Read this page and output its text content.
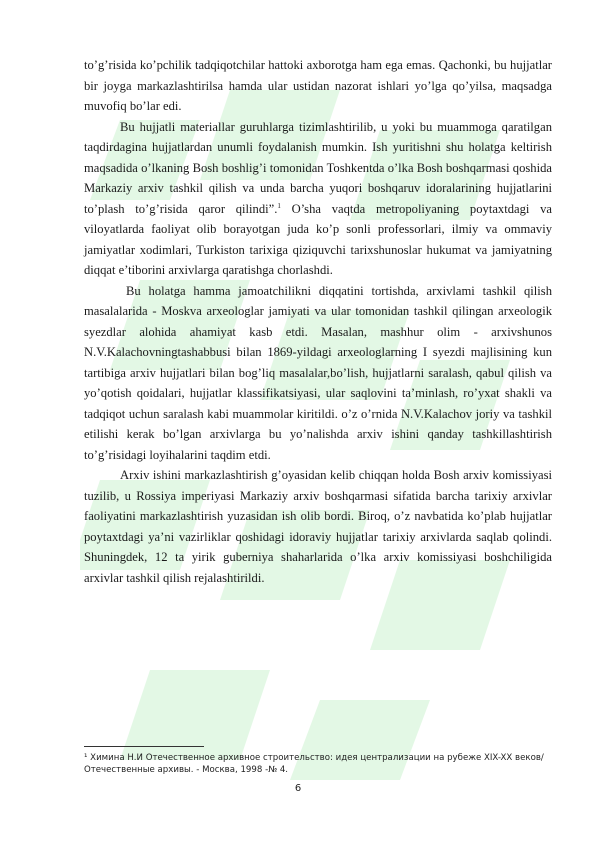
to’g’risida ko’pchilik tadqiqotchilar hattoki axborotga ham ega emas. Qachonki, bu hujjatlar bir joyga markazlashtirilsa hamda ular ustidan nazorat ishlari yo’lga qo’yilsa, maqsadga muvofiq bo’lar edi.

Bu hujjatli materiallar guruhlarga tizimlashtirilib, u yoki bu muammoga qaratilgan taqdirdagina hujjatlardan unumli foydalanish mumkin. Ish yuritishni shu holatga keltirish maqsadida o’lkaning Bosh boshlig’i tomonidan Toshkentda o’lka Bosh boshqarmasi qoshida Markaziy arxiv tashkil qilish va unda barcha yuqori boshqaruv idoralarining hujjatlarini to’plash to’g’risida qaror qilindi”.$^1$ O’sha vaqtda metropoliyaning poytaxtdagi va viloyatlarda faoliyat olib borayotgan juda ko’p sonli professorlari, ilmiy va ommaviy jamiyatlar xodimlari, Turkiston tarixiga qiziquvchi tarixshunoslar hukumat va jamiyatning diqqat e’tiborini arxivlarga qaratishga chorlashdi.

Bu holatga hamma jamoatchilikni diqqatini tortishda, arxivlami tashkil qilish masalalarida - Moskva arxeologlar jamiyati va ular tomonidan tashkil qilingan arxeologik syezdlar alohida ahamiyat kasb etdi. Masalan, mashhur olim - arxivshunos N.V.Kalachovningtashabbusi bilan 1869-yildagi arxeologlarning I syezdi majlisining kun tartibiga arxiv hujjatlari bilan bog’liq masalalar,bo’lish, hujjatlarni saralash, qabul qilish va yo’qotish qoidalari, hujjatlar klassifikatsiyasi, ular saqlovini ta’minlash, ro’yxat shakli va tadqiqot uchun saralash kabi muammolar kiritildi. o’z o’rnida N.V.Kalachov joriy va tashkil etilishi kerak bo’lgan arxivlarga bu yo’nalishda arxiv ishini qanday tashkillashtirish to’g’risidagi loyihalarini taqdim etdi.

Arxiv ishini markazlashtirish g’oyasidan kelib chiqqan holda Bosh arxiv komissiyasi tuzilib, u Rossiya imperiyasi Markaziy arxiv boshqarmasi sifatida barcha tarixiy arxivlar faoliyatini markazlashtirish yuzasidan ish olib bordi. Biroq, o’z navbatida ko’plab hujjatlar poytaxtdagi ya’ni vazirliklar qoshidagi idoraviy hujjatlar tarixiy arxivlarda saqlab qolindi. Shuningdek, 12 ta yirik guberniya shaharlarida o’lka arxiv komissiyasi boshchiligida arxivlar tashkil qilish rejalashtirildi.

¹ Химина Н.И Отечественное архивное строительство: идея централизации на рубеже XIX-XX веков/ Отечественные архивы. - Москва, 1998 -№ 4.
6
